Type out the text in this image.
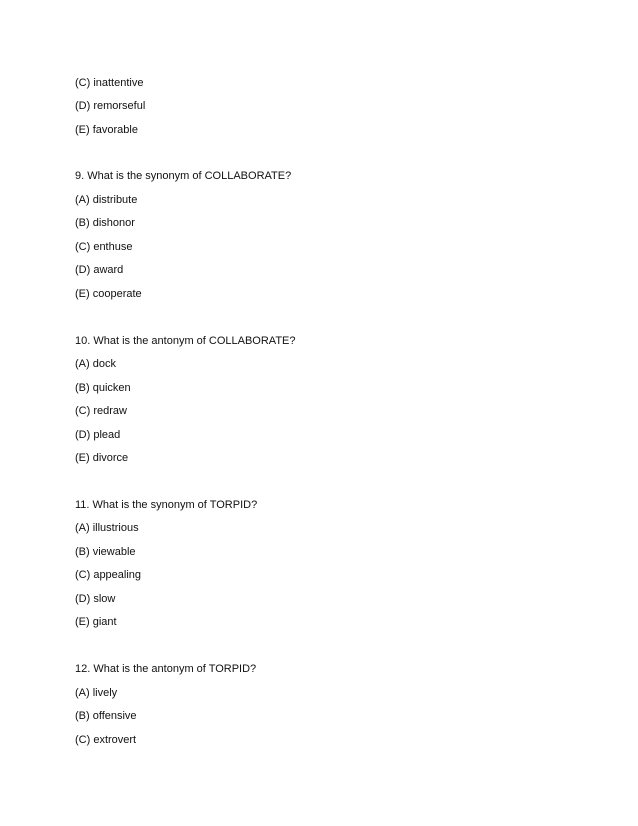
(C) inattentive
(D) remorseful
(E) favorable
9. What is the synonym of COLLABORATE?
(A) distribute
(B) dishonor
(C) enthuse
(D) award
(E) cooperate
10. What is the antonym of COLLABORATE?
(A) dock
(B) quicken
(C) redraw
(D) plead
(E) divorce
11. What is the synonym of TORPID?
(A) illustrious
(B) viewable
(C) appealing
(D) slow
(E) giant
12. What is the antonym of TORPID?
(A) lively
(B) offensive
(C) extrovert
